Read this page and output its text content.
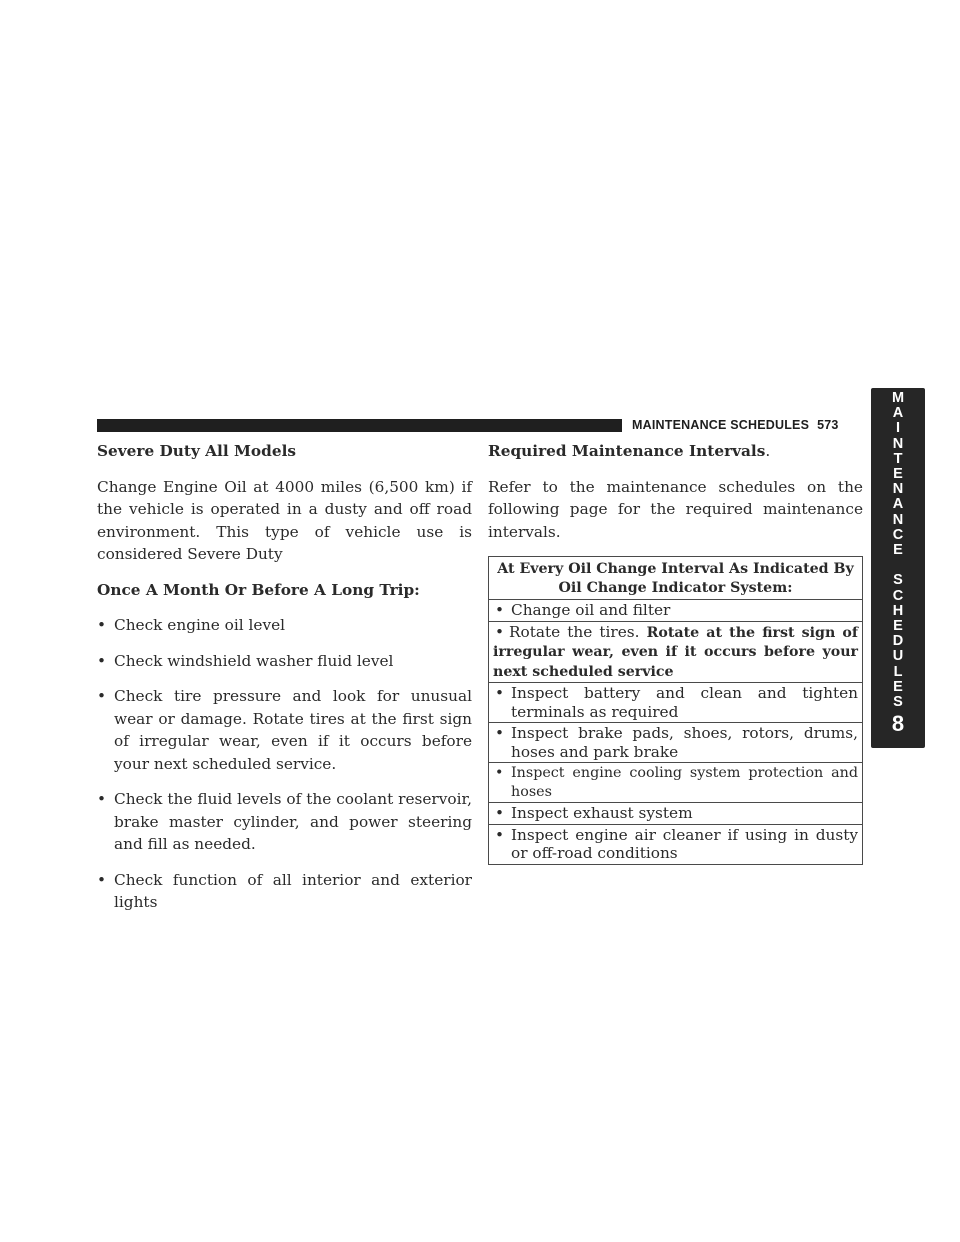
MAINTENANCE SCHEDULES 573
M
A
I
N
T
E
N
A
N
C
E

S
C
H
E
D
U
L
E
S
8

Severe Duty All Models

Change Engine Oil at 4000 miles (6,500 km) if the vehicle is operated in a dusty and off road environment. This type of vehicle use is considered Severe Duty

Once A Month Or Before A Long Trip:

• Check engine oil level
• Check windshield washer fluid level
• Check tire pressure and look for unusual wear or damage. Rotate tires at the first sign of irregular wear, even if it occurs before your next scheduled service.
• Check the fluid levels of the coolant reservoir, brake master cylinder, and power steering and fill as needed.
• Check function of all interior and exterior lights

Required Maintenance Intervals.

Refer to the maintenance schedules on the following page for the required maintenance intervals.

At Every Oil Change Interval As Indicated By Oil Change Indicator System:
• Change oil and filter
• Rotate the tires. Rotate at the first sign of irregular wear, even if it occurs before your next scheduled service
• Inspect battery and clean and tighten terminals as required
• Inspect brake pads, shoes, rotors, drums, hoses and park brake
• Inspect engine cooling system protection and hoses
• Inspect exhaust system
• Inspect engine air cleaner if using in dusty or off-road conditions
